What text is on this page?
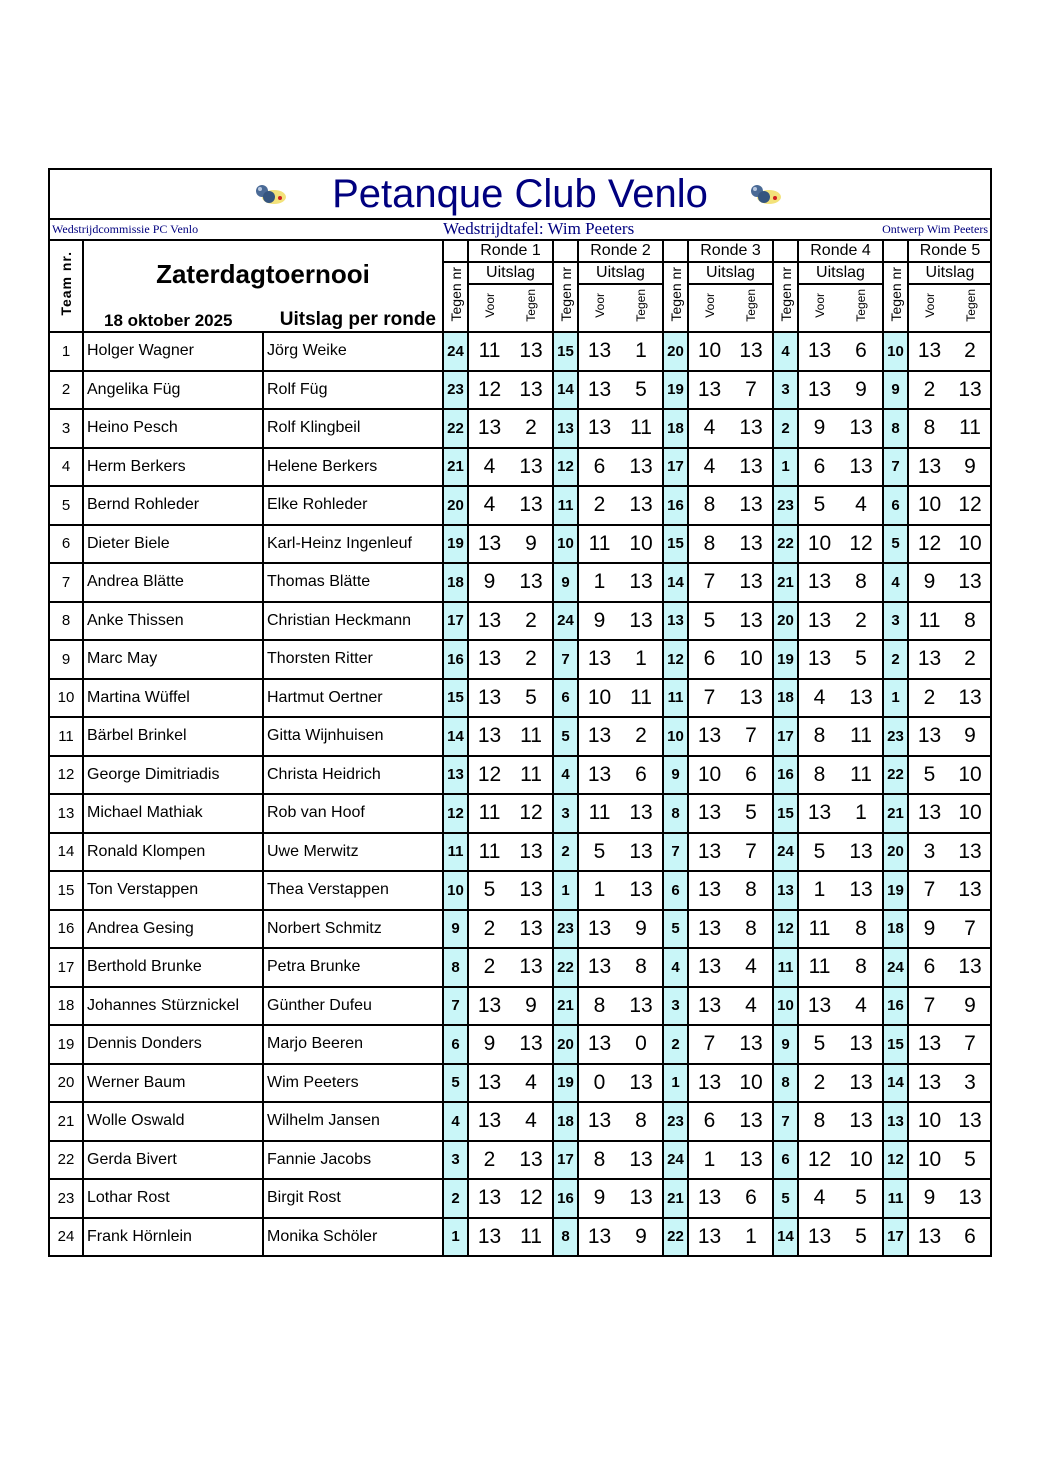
Petanque Club Venlo
Wedstrijdcommissie PC Venlo	Wedstrijdtafel: Wim Peeters	Ontwerp Wim Peeters
Team nr.	Zaterdagtoernooi
18 oktober 2025 Uitslag per ronde			Ronde 1			Ronde 2			Ronde 3			Ronde 4			Ronde 5	
			Tegen nr	Uitslag		Tegen nr	Uitslag		Tegen nr	Uitslag		Tegen nr	Uitslag		Tegen nr	Uitslag	
				Voor	Tegen		Voor	Tegen		Voor	Tegen		Voor	Tegen		Voor	Tegen
1	Holger Wagner	Jörg Weike	24	11	13	15	13	1	20	10	13	4	13	6	10	13	2
2	Angelika Füg	Rolf Füg	23	12	13	14	13	5	19	13	7	3	13	9	9	2	13
3	Heino Pesch	Rolf Klingbeil	22	13	2	13	13	11	18	4	13	2	9	13	8	8	11
4	Herm Berkers	Helene Berkers	21	4	13	12	6	13	17	4	13	1	6	13	7	13	9
5	Bernd Rohleder	Elke Rohleder	20	4	13	11	2	13	16	8	13	23	5	4	6	10	12
6	Dieter Biele	Karl-Heinz Ingenleuf	19	13	9	10	11	10	15	8	13	22	10	12	5	12	10
7	Andrea Blätte	Thomas Blätte	18	9	13	9	1	13	14	7	13	21	13	8	4	9	13
8	Anke Thissen	Christian Heckmann	17	13	2	24	9	13	13	5	13	20	13	2	3	11	8
9	Marc May	Thorsten Ritter	16	13	2	7	13	1	12	6	10	19	13	5	2	13	2
10	Martina Wüffel	Hartmut Oertner	15	13	5	6	10	11	11	7	13	18	4	13	1	2	13
11	Bärbel Brinkel	Gitta Wijnhuisen	14	13	11	5	13	2	10	13	7	17	8	11	23	13	9
12	George Dimitriadis	Christa Heidrich	13	12	11	4	13	6	9	10	6	16	8	11	22	5	10
13	Michael Mathiak	Rob van Hoof	12	11	12	3	11	13	8	13	5	15	13	1	21	13	10
14	Ronald Klompen	Uwe Merwitz	11	11	13	2	5	13	7	13	7	24	5	13	20	3	13
15	Ton Verstappen	Thea Verstappen	10	5	13	1	1	13	6	13	8	13	1	13	19	7	13
16	Andrea Gesing	Norbert Schmitz	9	2	13	23	13	9	5	13	8	12	11	8	18	9	7
17	Berthold Brunke	Petra Brunke	8	2	13	22	13	8	4	13	4	11	11	8	24	6	13
18	Johannes Stürznickel	Günther Dufeu	7	13	9	21	8	13	3	13	4	10	13	4	16	7	9
19	Dennis Donders	Marjo Beeren	6	9	13	20	13	0	2	7	13	9	5	13	15	13	7
20	Werner Baum	Wim Peeters	5	13	4	19	0	13	1	13	10	8	2	13	14	13	3
21	Wolle Oswald	Wilhelm Jansen	4	13	4	18	13	8	23	6	13	7	8	13	13	10	13
22	Gerda Bivert	Fannie Jacobs	3	2	13	17	8	13	24	1	13	6	12	10	12	10	5
23	Lothar Rost	Birgit Rost	2	13	12	16	9	13	21	13	6	5	4	5	11	9	13
24	Frank Hörnlein	Monika Schöler	1	13	11	8	13	9	22	13	1	14	13	5	17	13	6
